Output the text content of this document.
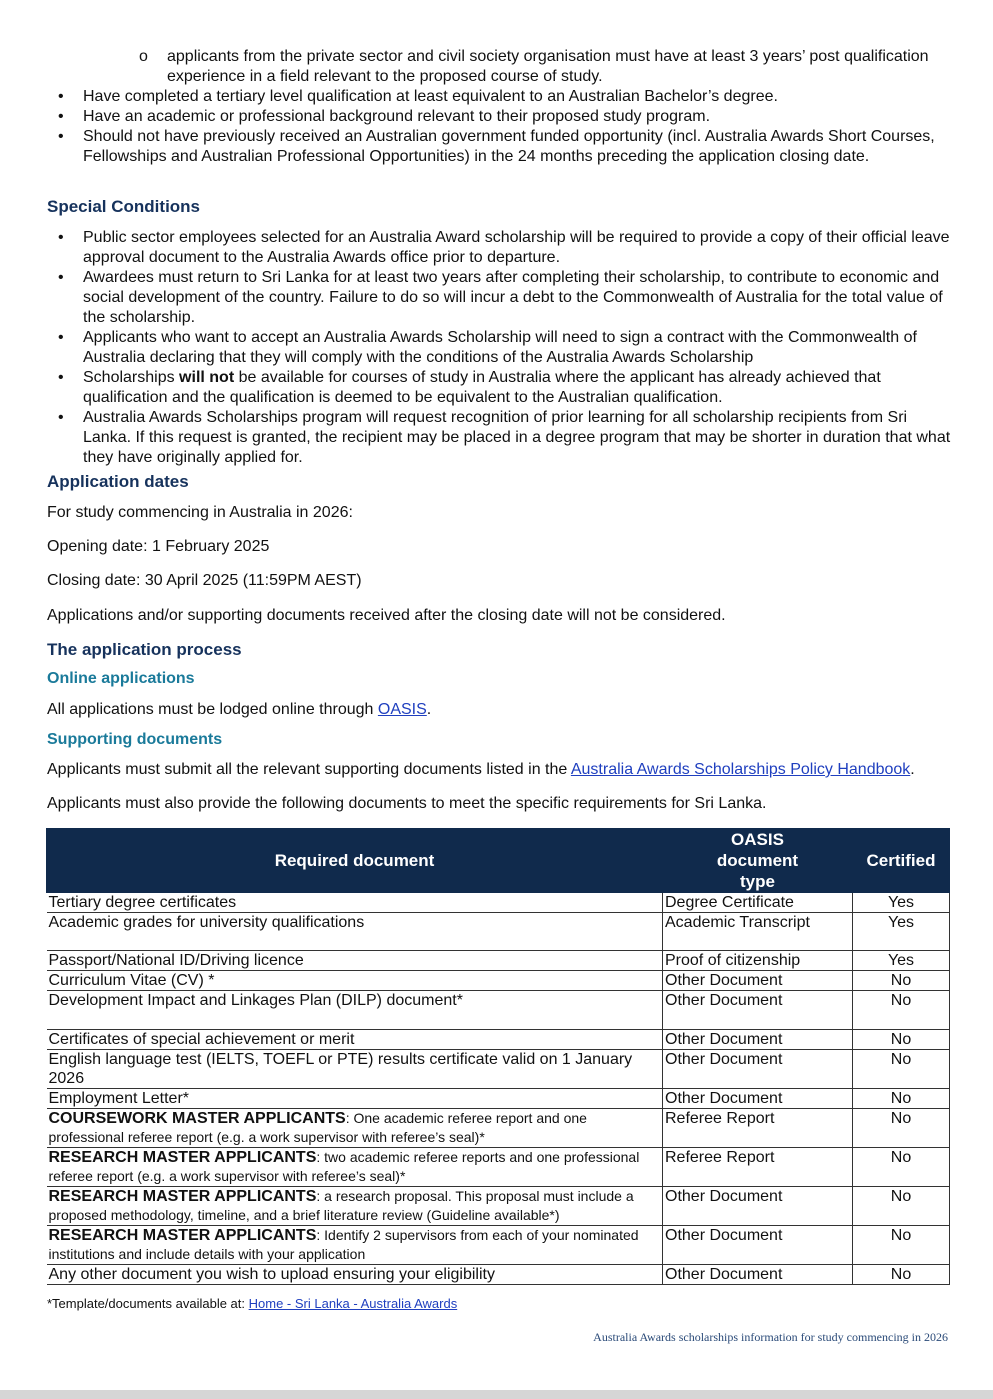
o	applicants from the private sector and civil society organisation must have at least 3 years’ post qualification experience in a field relevant to the proposed course of study.
• Have completed a tertiary level qualification at least equivalent to an Australian Bachelor’s degree.
• Have an academic or professional background relevant to their proposed study program.
• Should not have previously received an Australian government funded opportunity (incl. Australia Awards Short Courses, Fellowships and Australian Professional Opportunities) in the 24 months preceding the application closing date.
Special Conditions
• Public sector employees selected for an Australia Award scholarship will be required to provide a copy of their official leave approval document to the Australia Awards office prior to departure.
• Awardees must return to Sri Lanka for at least two years after completing their scholarship, to contribute to economic and social development of the country. Failure to do so will incur a debt to the Commonwealth of Australia for the total value of the scholarship.
• Applicants who want to accept an Australia Awards Scholarship will need to sign a contract with the Commonwealth of Australia declaring that they will comply with the conditions of the Australia Awards Scholarship
• Scholarships will not be available for courses of study in Australia where the applicant has already achieved that qualification and the qualification is deemed to be equivalent to the Australian qualification.
• Australia Awards Scholarships program will request recognition of prior learning for all scholarship recipients from Sri Lanka. If this request is granted, the recipient may be placed in a degree program that may be shorter in duration that what they have originally applied for.
Application dates

For study commencing in Australia in 2026:

Opening date: 1 February 2025

Closing date: 30 April 2025 (11:59PM AEST)

Applications and/or supporting documents received after the closing date will not be considered.

The application process
Online applications

All applications must be lodged online through OASIS.

Supporting documents

Applicants must submit all the relevant supporting documents listed in the Australia Awards Scholarships Policy Handbook.

Applicants must also provide the following documents to meet the specific requirements for Sri Lanka.

Required document	OASIS document type	Certified
Tertiary degree certificates	Degree Certificate	Yes
Academic grades for university qualifications	Academic Transcript	Yes
Passport/National ID/Driving licence	Proof of citizenship	Yes
Curriculum Vitae (CV) *	Other Document	No
Development Impact and Linkages Plan (DILP) document*	Other Document	No
Certificates of special achievement or merit	Other Document	No
English language test (IELTS, TOEFL or PTE) results certificate valid on 1 January 2026	Other Document	No
Employment Letter*	Other Document	No
COURSEWORK MASTER APPLICANTS: One academic referee report and one professional referee report (e.g. a work supervisor with referee’s seal)*	Referee Report	No
RESEARCH MASTER APPLICANTS: two academic referee reports and one professional referee report (e.g. a work supervisor with referee’s seal)*	Referee Report	No
RESEARCH MASTER APPLICANTS: a research proposal. This proposal must include a proposed methodology, timeline, and a brief literature review (Guideline available*)	Other Document	No
RESEARCH MASTER APPLICANTS: Identify 2 supervisors from each of your nominated institutions and include details with your application	Other Document	No
Any other document you wish to upload ensuring your eligibility	Other Document	No

*Template/documents available at: Home - Sri Lanka - Australia Awards

Australia Awards scholarships information for study commencing in 2026
